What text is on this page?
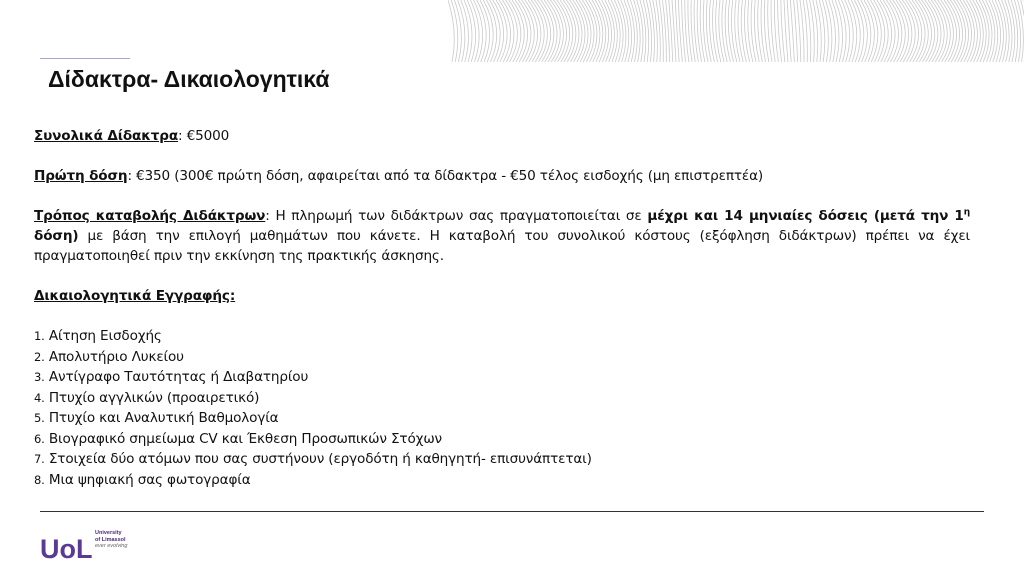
Δίδακτρα- Δικαιολογητικά

Συνολικά Δίδακτρα: €5000

Πρώτη δόση: €350 (300€ πρώτη δόση, αφαιρείται από τα δίδακτρα - €50 τέλος εισδοχής (μη επιστρεπτέα)

Τρόπος καταβολής Διδάκτρων: Η πληρωμή των διδάκτρων σας πραγματοποιείται σε μέχρι και 14 μηνιαίες δόσεις (μετά την $1^\eta$ δόση) με βάση την επιλογή μαθημάτων που κάνετε. Η καταβολή του συνολικού κόστους (εξόφληση διδάκτρων) πρέπει να έχει πραγματοποιηθεί πριν την εκκίνηση της πρακτικής άσκησης.

Δικαιολογητικά Εγγραφής:

1. Αίτηση Εισδοχής
2. Απολυτήριο Λυκείου
3. Αντίγραφο Ταυτότητας ή Διαβατηρίου
4. Πτυχίο αγγλικών (προαιρετικό)
5. Πτυχίο και Αναλυτική Βαθμολογία
6. Βιογραφικό σημείωμα CV και Έκθεση Προσωπικών Στόχων
7. Στοιχεία δύο ατόμων που σας συστήνουν (εργοδότη ή καθηγητή- επισυνάπτεται)
8. Μια ψηφιακή σας φωτογραφία
UoL
University
of Limassol
ever evolving
